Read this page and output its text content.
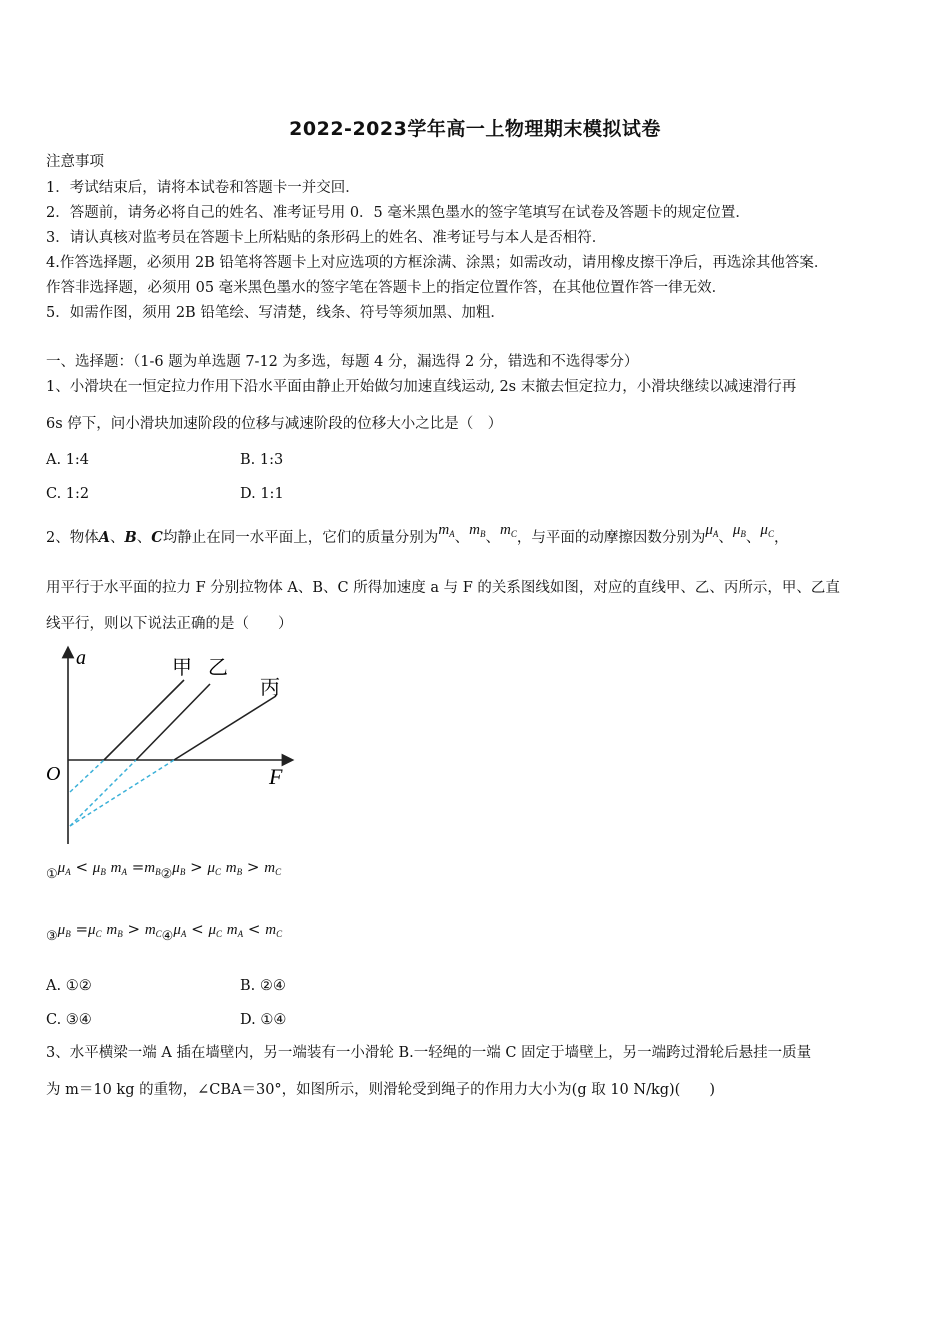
2022-2023学年高一上物理期末模拟试卷
注意事项
1．考试结束后，请将本试卷和答题卡一并交回．
2．答题前，请务必将自己的姓名、准考证号用 0．5 毫米黑色墨水的签字笔填写在试卷及答题卡的规定位置．
3．请认真核对监考员在答题卡上所粘贴的条形码上的姓名、准考证号与本人是否相符．
4.作答选择题，必须用 2B 铅笔将答题卡上对应选项的方框涂满、涂黑；如需改动，请用橡皮擦干净后，再选涂其他答案．
作答非选择题，必须用 05 毫米黑色墨水的签字笔在答题卡上的指定位置作答，在其他位置作答一律无效．
5．如需作图，须用 2B 铅笔绘、写清楚，线条、符号等须加黑、加粗．
一、选择题：（1-6 题为单选题 7-12 为多选，每题 4 分，漏选得 2 分，错选和不选得零分）
1、小滑块在一恒定拉力作用下沿水平面由静止开始做匀加速直线运动, 2s 末撤去恒定拉力，小滑块继续以减速滑行再
6s 停下，问小滑块加速阶段的位移与减速阶段的位移大小之比是（　）
A. 1:4	B. 1:3
C. 1:2	D. 1:1
2、物体A、B、C均静止在同一水平面上，它们的质量分别为$m_A$、$m_B$、$m_C$，与平面的动摩擦因数分别为$\mu_A$、$\mu_B$、$\mu_C$，
用平行于水平面的拉力 F 分别拉物体 A、B、C 所得加速度 a 与 F 的关系图线如图，对应的直线甲、乙、丙所示，甲、乙直
线平行，则以下说法正确的是（　　）
a
F
O
甲 乙
丙
$①\mu_A < \mu_B$ $m_A$ $=m_B②\mu_B > \mu_C$ $m_B > m_C$
$③\mu_B =\mu_C$ $m_B$ > $m_C④\mu_A < \mu_C$ $m_A < m_C$
A. ①②	B. ②④
C. ③④	D. ①④
3、水平横梁一端 A 插在墙壁内，另一端装有一小滑轮 B.一轻绳的一端 C 固定于墙壁上，另一端跨过滑轮后悬挂一质量
为 m＝10 kg 的重物，∠CBA＝30°，如图所示，则滑轮受到绳子的作用力大小为(g 取 10 N/kg)(　　)
